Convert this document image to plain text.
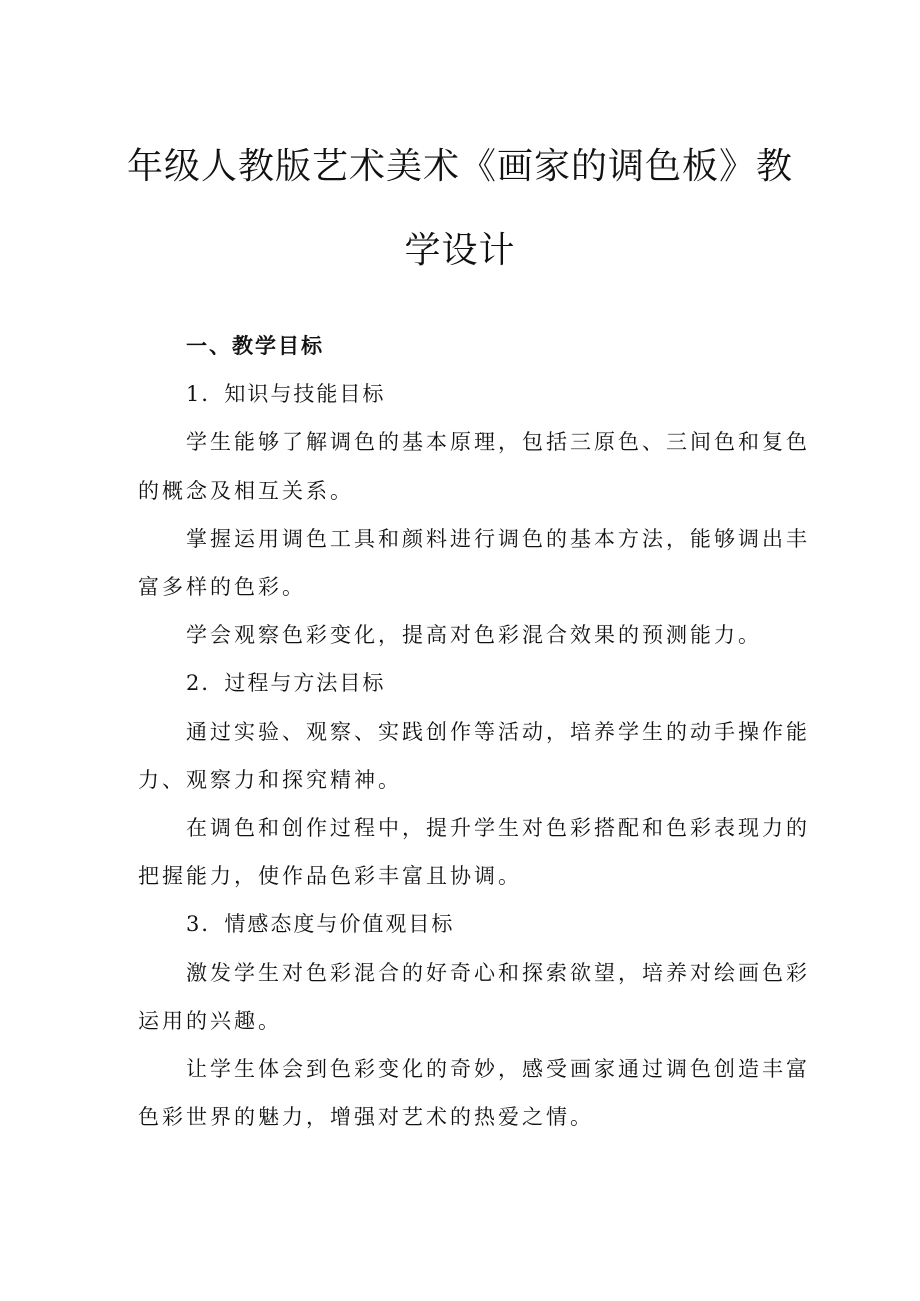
年级人教版艺术美术《画家的调色板》教
学设计
一、教学目标
1．知识与技能目标
学生能够了解调色的基本原理，包括三原色、三间色和复色
的概念及相互关系。
掌握运用调色工具和颜料进行调色的基本方法，能够调出丰
富多样的色彩。
学会观察色彩变化，提高对色彩混合效果的预测能力。
2．过程与方法目标
通过实验、观察、实践创作等活动，培养学生的动手操作能
力、观察力和探究精神。
在调色和创作过程中，提升学生对色彩搭配和色彩表现力的
把握能力，使作品色彩丰富且协调。
3．情感态度与价值观目标
激发学生对色彩混合的好奇心和探索欲望，培养对绘画色彩
运用的兴趣。
让学生体会到色彩变化的奇妙，感受画家通过调色创造丰富
色彩世界的魅力，增强对艺术的热爱之情。
